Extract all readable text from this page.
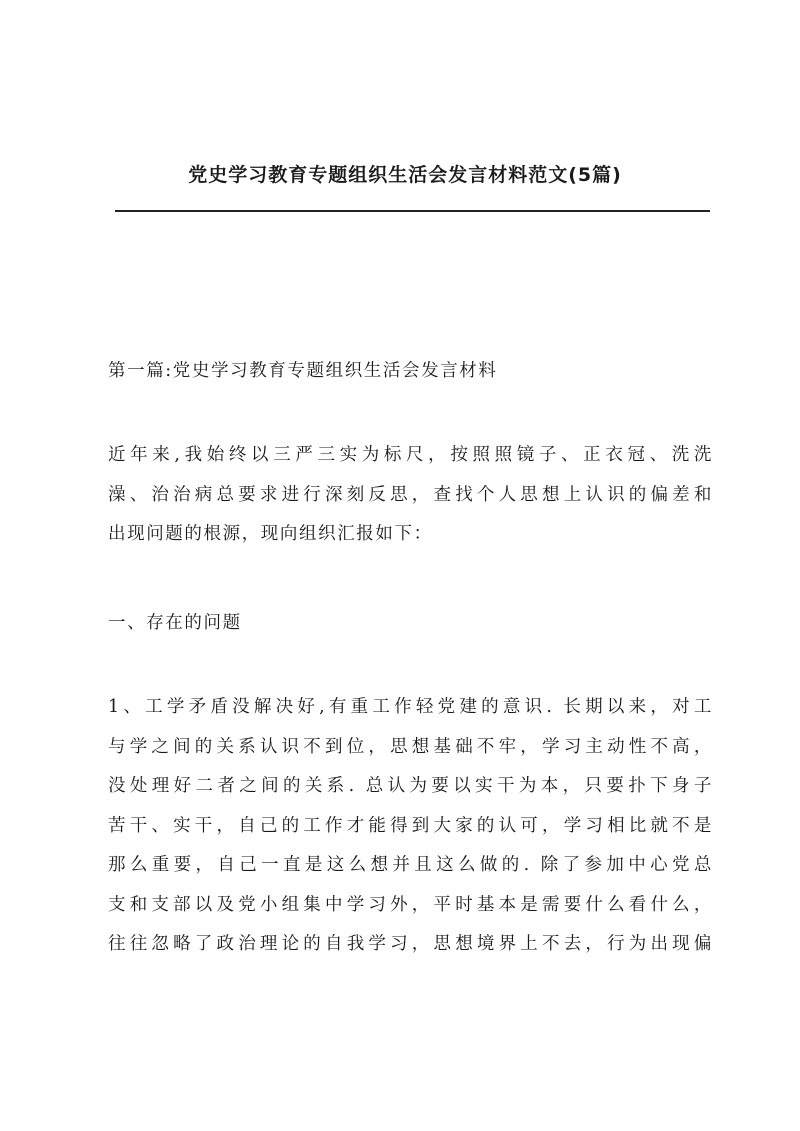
党史学习教育专题组织生活会发言材料范文(5篇)

第一篇:党史学习教育专题组织生活会发言材料

近年来,我始终以三严三实为标尺，按照照镜子、正衣冠、洗洗
澡、治治病总要求进行深刻反思，查找个人思想上认识的偏差和
出现问题的根源，现向组织汇报如下：

一、存在的问题

1、工学矛盾没解决好,有重工作轻党建的意识. 长期以来，对工
与学之间的关系认识不到位，思想基础不牢，学习主动性不高，
没处理好二者之间的关系. 总认为要以实干为本，只要扑下身子
苦干、实干，自己的工作才能得到大家的认可，学习相比就不是
那么重要，自己一直是这么想并且这么做的. 除了参加中心党总
支和支部以及党小组集中学习外，平时基本是需要什么看什么，
往往忽略了政治理论的自我学习，思想境界上不去，行为出现偏
